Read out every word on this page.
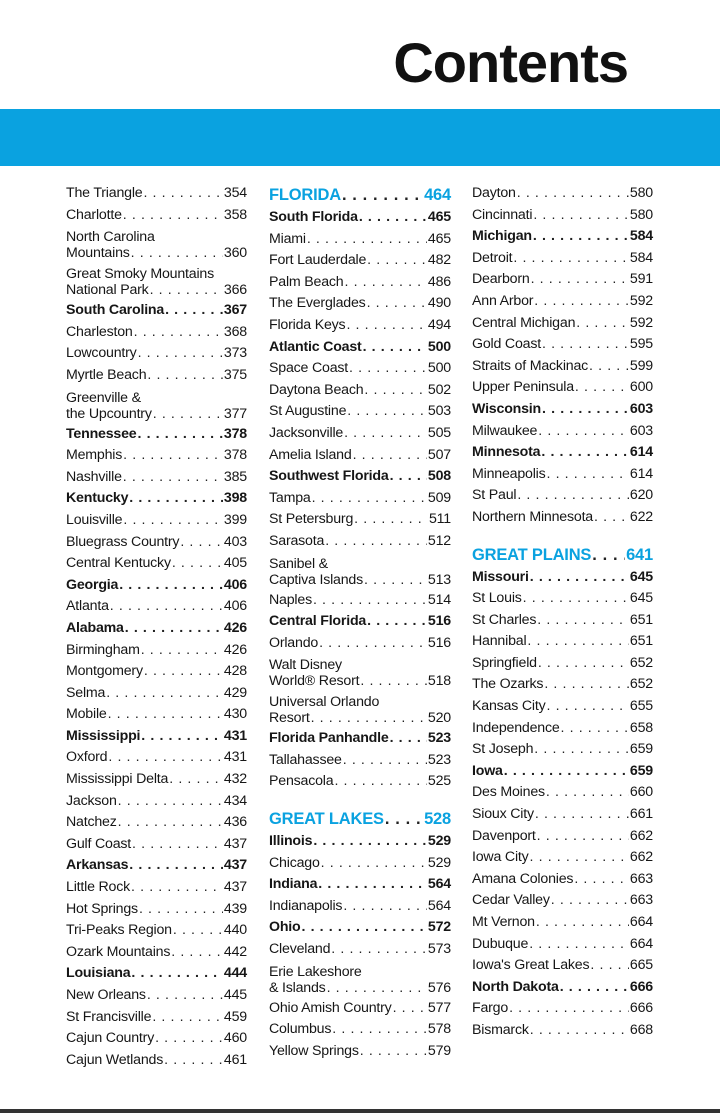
Contents
The Triangle . . .	354
Charlotte . . .	358
North Carolina
Mountains . . .	360
Great Smoky Mountains
National Park . . .	366
South Carolina . . .	367
Charleston . . .	368
Lowcountry . . .	373
Myrtle Beach . . .	375
Greenville &
the Upcountry . . .	377
Tennessee . . .	378
Memphis . . .	378
Nashville . . .	385
Kentucky . . .	398
Louisville . . .	399
Bluegrass Country . . .	403
Central Kentucky . . .	405
Georgia . . .	406
Atlanta . . .	406
Alabama . . .	426
Birmingham . . .	426
Montgomery . . .	428
Selma . . .	429
Mobile . . .	430
Mississippi . . .	431
Oxford . . .	431
Mississippi Delta . . .	432
Jackson . . .	434
Natchez . . .	436
Gulf Coast . . .	437
Arkansas . . .	437
Little Rock . . .	437
Hot Springs . . .	439
Tri-Peaks Region . . .	440
Ozark Mountains . . .	442
Louisiana . . .	444
New Orleans . . .	445
St Francisville . . .	459
Cajun Country . . .	460
Cajun Wetlands . . .	461
FLORIDA . . .	464
South Florida . . .	465
Miami . . .	465
Fort Lauderdale . . .	482
Palm Beach . . .	486
The Everglades . . .	490
Florida Keys . . .	494
Atlantic Coast . . .	500
Space Coast . . .	500
Daytona Beach . . .	502
St Augustine . . .	503
Jacksonville . . .	505
Amelia Island . . .	507
Southwest Florida . . .	508
Tampa . . .	509
St Petersburg . . .	511
Sarasota . . .	512
Sanibel &
Captiva Islands . . .	513
Naples . . .	514
Central Florida . . .	516
Orlando . . .	516
Walt Disney
World® Resort . . .	518
Universal Orlando
Resort . . .	520
Florida Panhandle . . .	523
Tallahassee . . .	523
Pensacola . . .	525
GREAT LAKES . . . 528
Illinois . . .	529
Chicago . . .	529
Indiana . . .	564
Indianapolis . . .	564
Ohio . . .	572
Cleveland . . .	573
Erie Lakeshore
& Islands . . .	576
Ohio Amish Country . . .	577
Columbus . . .	578
Yellow Springs . . .	579
Dayton . . .	580
Cincinnati . . .	580
Michigan . . .	584
Detroit . . .	584
Dearborn . . .	591
Ann Arbor . . .	592
Central Michigan . . .	592
Gold Coast . . .	595
Straits of Mackinac . . .	599
Upper Peninsula . . .	600
Wisconsin . . .	603
Milwaukee . . .	603
Minnesota . . .	614
Minneapolis . . .	614
St Paul . . .	620
Northern Minnesota . . .	622
GREAT PLAINS . . . 641
Missouri . . .	645
St Louis . . .	645
St Charles . . .	651
Hannibal . . .	651
Springfield . . .	652
The Ozarks . . .	652
Kansas City . . .	655
Independence . . .	658
St Joseph . . .	659
Iowa . . .	659
Des Moines . . .	660
Sioux City . . .	661
Davenport . . .	662
Iowa City . . .	662
Amana Colonies . . .	663
Cedar Valley . . .	663
Mt Vernon . . .	664
Dubuque . . .	664
Iowa's Great Lakes . . .	665
North Dakota . . .	666
Fargo . . .	666
Bismarck . . .	668
